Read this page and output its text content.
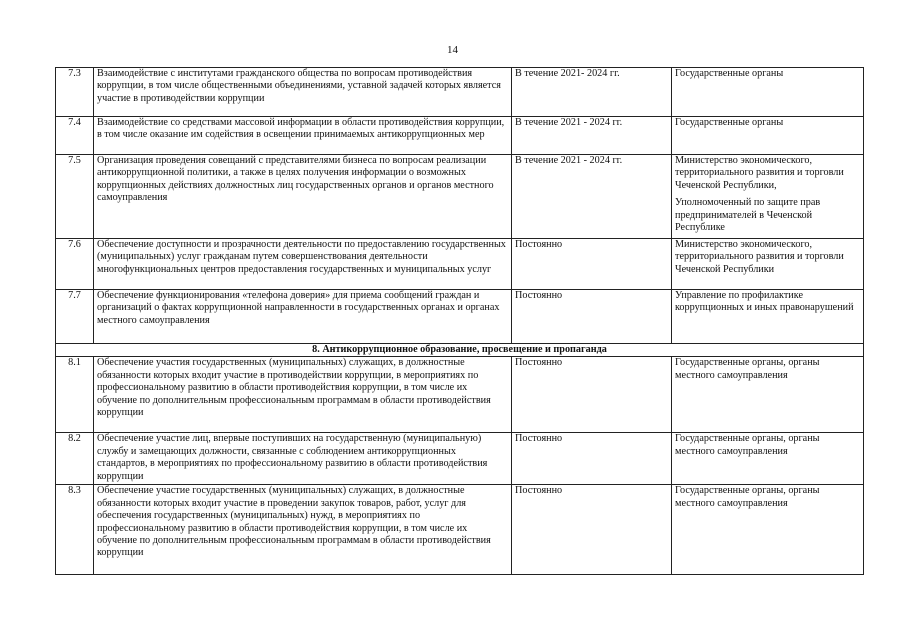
14
7.3	Взаимодействие с институтами гражданского общества по вопросам противодействия коррупции, в том числе общественными объединениями, уставной задачей которых является участие в противодействии коррупции	В течение 2021- 2024 гг.	Государственные органы

7.4	Взаимодействие со средствами массовой информации в области противодействия коррупции, в том числе оказание им содействия в освещении принимаемых антикоррупционных мер	В течение 2021 - 2024 гг.	Государственные органы

7.5	Организация проведения совещаний с представителями бизнеса по вопросам реализации антикоррупционной политики, а также в целях получения информации о возможных коррупционных действиях должностных лиц государственных органов и органов местного самоуправления	В течение 2021 - 2024 гг.	Министерство экономического, территориального развития и торговли Чеченской Республики,
Уполномоченный по защите прав предпринимателей в Чеченской Республике

7.6	Обеспечение доступности и прозрачности деятельности по предоставлению государственных (муниципальных) услуг гражданам путем совершенствования деятельности многофункциональных центров предоставления государственных и муниципальных услуг	Постоянно	Министерство экономического, территориального развития и торговли Чеченской Республики

7.7	Обеспечение функционирования «телефона доверия» для приема сообщений граждан и организаций о фактах коррупционной направленности в государственных органах и органах местного самоуправления	Постоянно	Управление по профилактике коррупционных и иных правонарушений

8. Антикоррупционное образование, просвещение и пропаганда			
8.1	Обеспечение участия государственных (муниципальных) служащих, в должностные обязанности которых входит участие в противодействии коррупции, в мероприятиях по профессиональному развитию в области противодействия коррупции, в том числе их обучение по дополнительным профессиональным программам в области противодействия коррупции	Постоянно	Государственные органы, органы местного самоуправления
8.2	Обеспечение участие лиц, впервые поступивших на государственную (муниципальную) службу и замещающих должности, связанные с соблюдением антикоррупционных стандартов, в мероприятиях по профессиональному развитию в области противодействия коррупции	Постоянно	Государственные органы, органы местного самоуправления
8.3	Обеспечение участие государственных (муниципальных) служащих, в должностные обязанности которых входит участие в проведении закупок товаров, работ, услуг для обеспечения государственных (муниципальных) нужд, в мероприятиях по профессиональному развитию в области противодействия коррупции, в том числе их обучение по дополнительным профессиональным программам в области противодействия коррупции	Постоянно	Государственные органы, органы местного самоуправления
